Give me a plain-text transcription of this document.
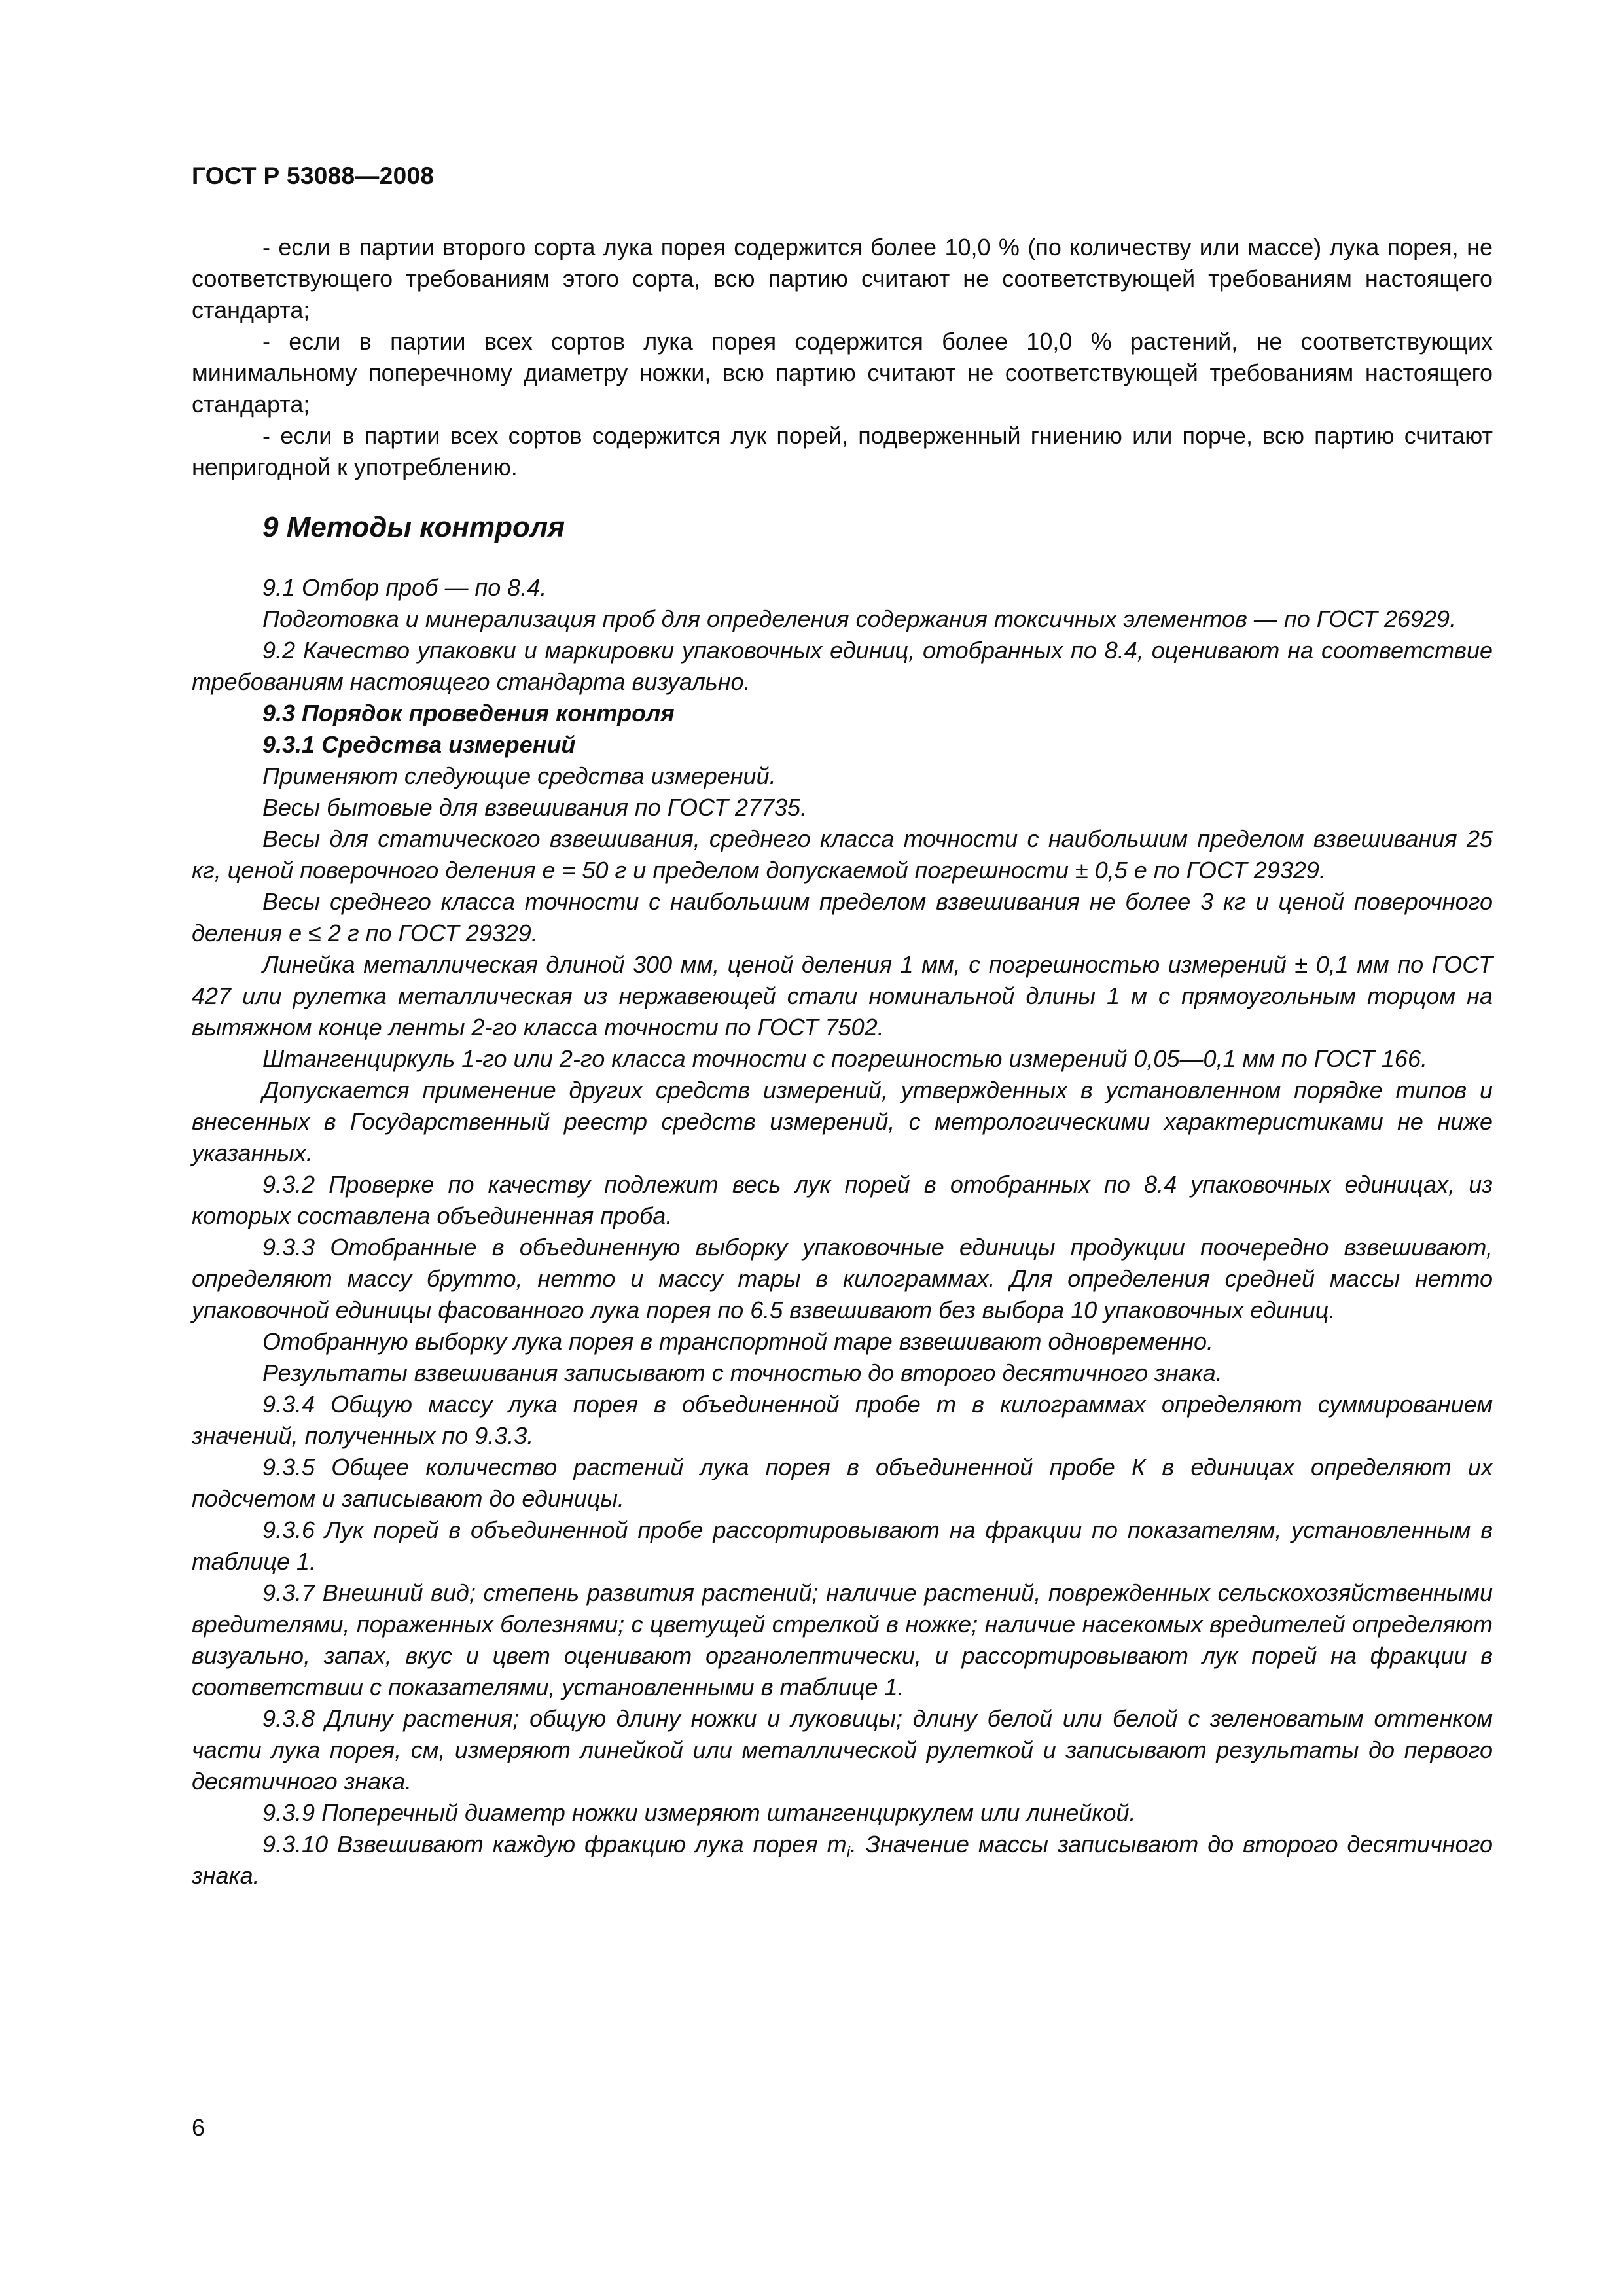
ГОСТ Р 53088—2008

- если в партии второго сорта лука порея содержится более 10,0 % (по количеству или массе) лука порея, не соответствующего требованиям этого сорта, всю партию считают не соответствующей требованиям настоящего стандарта;

- если в партии всех сортов лука порея содержится более 10,0 % растений, не соответствующих минимальному поперечному диаметру ножки, всю партию считают не соответствующей требованиям настоящего стандарта;

- если в партии всех сортов содержится лук порей, подверженный гниению или порче, всю партию считают непригодной к употреблению.

9 Методы контроля

9.1 Отбор проб — по 8.4.

Подготовка и минерализация проб для определения содержания токсичных элементов — по ГОСТ 26929.

9.2 Качество упаковки и маркировки упаковочных единиц, отобранных по 8.4, оценивают на соответствие требованиям настоящего стандарта визуально.

9.3 Порядок проведения контроля

9.3.1 Средства измерений

Применяют следующие средства измерений.

Весы бытовые для взвешивания по ГОСТ 27735.

Весы для статического взвешивания, среднего класса точности с наибольшим пределом взвешивания 25 кг, ценой поверочного деления е = 50 г и пределом допускаемой погрешности ± 0,5 е по ГОСТ 29329.

Весы среднего класса точности с наибольшим пределом взвешивания не более 3 кг и ценой поверочного деления е ≤ 2 г по ГОСТ 29329.

Линейка металлическая длиной 300 мм, ценой деления 1 мм, с погрешностью измерений ± 0,1 мм по ГОСТ 427 или рулетка металлическая из нержавеющей стали номинальной длины 1 м с прямоугольным торцом на вытяжном конце ленты 2-го класса точности по ГОСТ 7502.

Штангенциркуль 1-го или 2-го класса точности с погрешностью измерений 0,05—0,1 мм по ГОСТ 166.

Допускается применение других средств измерений, утвержденных в установленном порядке типов и внесенных в Государственный реестр средств измерений, с метрологическими характеристиками не ниже указанных.

9.3.2 Проверке по качеству подлежит весь лук порей в отобранных по 8.4 упаковочных единицах, из которых составлена объединенная проба.

9.3.3 Отобранные в объединенную выборку упаковочные единицы продукции поочередно взвешивают, определяют массу брутто, нетто и массу тары в килограммах. Для определения средней массы нетто упаковочной единицы фасованного лука порея по 6.5 взвешивают без выбора 10 упаковочных единиц.

Отобранную выборку лука порея в транспортной таре взвешивают одновременно.

Результаты взвешивания записывают с точностью до второго десятичного знака.

9.3.4 Общую массу лука порея в объединенной пробе m в килограммах определяют суммированием значений, полученных по 9.3.3.

9.3.5 Общее количество растений лука порея в объединенной пробе К в единицах определяют их подсчетом и записывают до единицы.

9.3.6 Лук порей в объединенной пробе рассортировывают на фракции по показателям, установленным в таблице 1.

9.3.7 Внешний вид; степень развития растений; наличие растений, поврежденных сельскохозяйственными вредителями, пораженных болезнями; с цветущей стрелкой в ножке; наличие насекомых вредителей определяют визуально, запах, вкус и цвет оценивают органолептически, и рассортировывают лук порей на фракции в соответствии с показателями, установленными в таблице 1.

9.3.8 Длину растения; общую длину ножки и луковицы; длину белой или белой с зеленоватым оттенком части лука порея, см, измеряют линейкой или металлической рулеткой и записывают результаты до первого десятичного знака.

9.3.9 Поперечный диаметр ножки измеряют штангенциркулем или линейкой.

9.3.10 Взвешивают каждую фракцию лука порея $m_i$. Значение массы записывают до второго десятичного знака.

6
